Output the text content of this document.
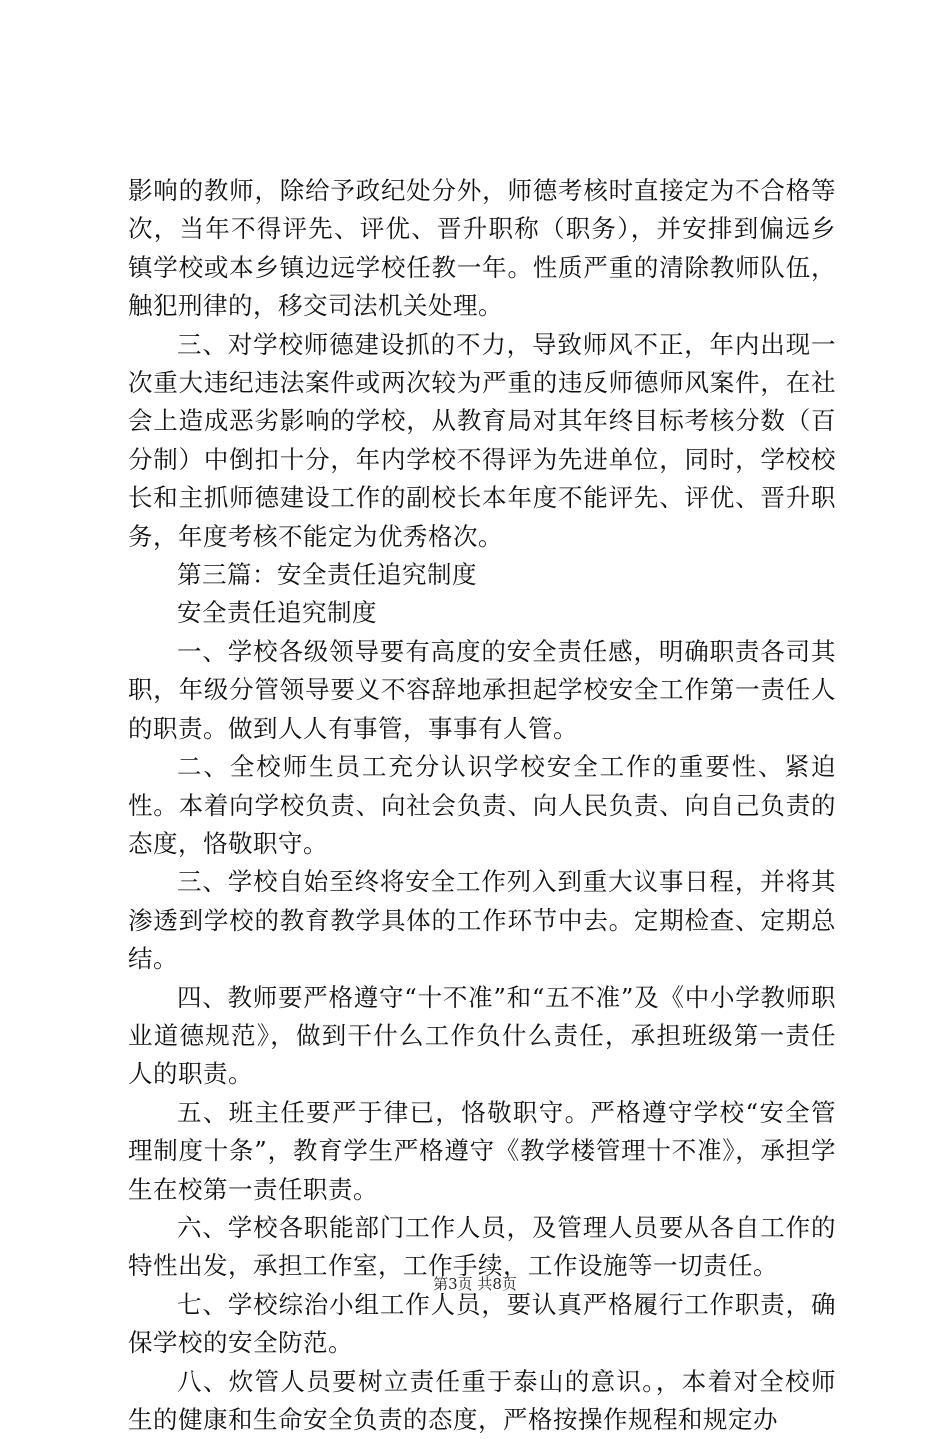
影响的教师，除给予政纪处分外，师德考核时直接定为不合格等次，当年不得评先、评优、晋升职称（职务），并安排到偏远乡镇学校或本乡镇边远学校任教一年。性质严重的清除教师队伍，触犯刑律的，移交司法机关处理。

三、对学校师德建设抓的不力，导致师风不正，年内出现一次重大违纪违法案件或两次较为严重的违反师德师风案件，在社会上造成恶劣影响的学校，从教育局对其年终目标考核分数（百分制）中倒扣十分，年内学校不得评为先进单位，同时，学校校长和主抓师德建设工作的副校长本年度不能评先、评优、晋升职务，年度考核不能定为优秀格次。

第三篇：安全责任追究制度

安全责任追究制度

一、学校各级领导要有高度的安全责任感，明确职责各司其职，年级分管领导要义不容辞地承担起学校安全工作第一责任人的职责。做到人人有事管，事事有人管。

二、全校师生员工充分认识学校安全工作的重要性、紧迫性。本着向学校负责、向社会负责、向人民负责、向自己负责的态度，恪敬职守。

三、学校自始至终将安全工作列入到重大议事日程，并将其渗透到学校的教育教学具体的工作环节中去。定期检查、定期总结。

四、教师要严格遵守“十不准”和“五不准”及《中小学教师职业道德规范》，做到干什么工作负什么责任，承担班级第一责任人的职责。

五、班主任要严于律已，恪敬职守。严格遵守学校“安全管理制度十条”，教育学生严格遵守《教学楼管理十不准》，承担学生在校第一责任职责。

六、学校各职能部门工作人员，及管理人员要从各自工作的特性出发，承担工作室，工作手续，工作设施等一切责任。

七、学校综治小组工作人员，要认真严格履行工作职责，确保学校的安全防范。

八、炊管人员要树立责任重于泰山的意识。，本着对全校师生的健康和生命安全负责的态度，严格按操作规程和规定办

第3页 共8页
